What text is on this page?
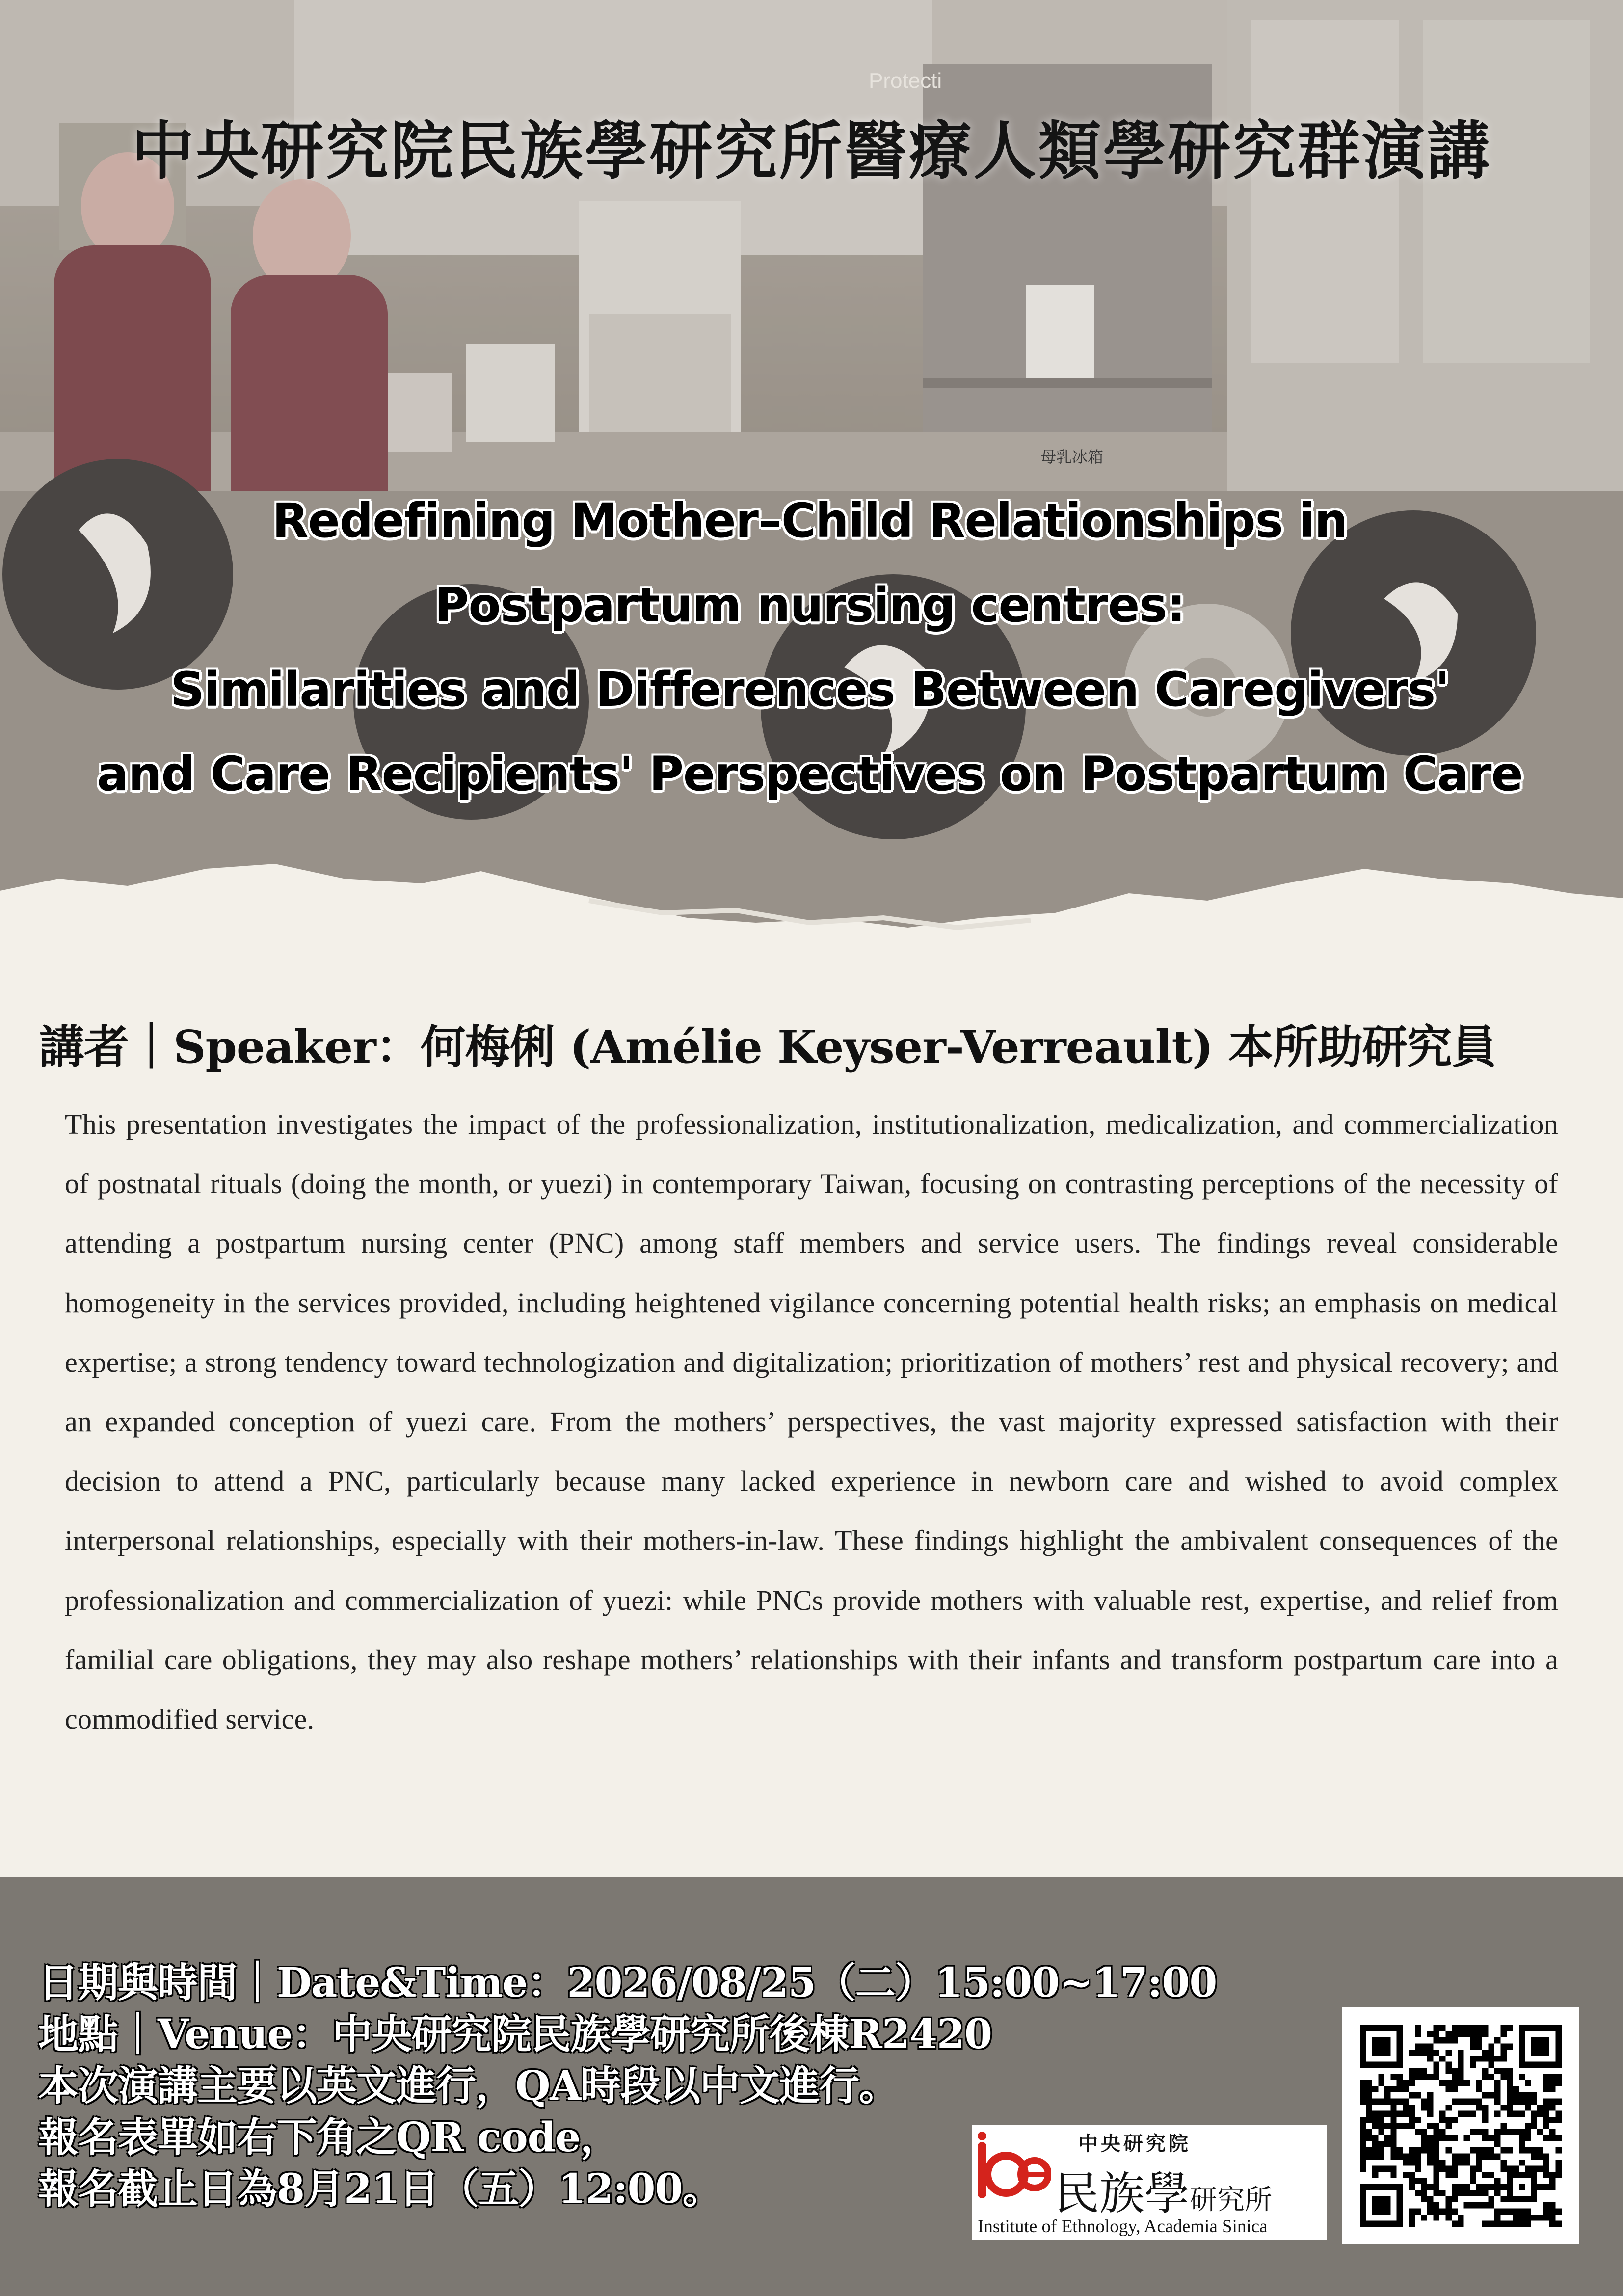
Protecti
母乳冰箱
中央研究院民族學研究所醫療人類學研究群演講
Redefining Mother–Child Relationships in
Postpartum nursing centres:
Similarities and Differences Between Caregivers'
and Care Recipients' Perspectives on Postpartum Care
講者｜Speaker：何梅俐 (Amélie Keyser-Verreault) 本所助研究員
This presentation investigates the impact of the professionalization, institutionalization, medicalization, and commercialization of postnatal rituals (doing the month, or yuezi) in contemporary Taiwan, focusing on contrasting perceptions of the necessity of attending a postpartum nursing center (PNC) among staff members and service users. The findings reveal considerable homogeneity in the services provided, including heightened vigilance concerning potential health risks; an emphasis on medical expertise; a strong tendency toward technologization and digitalization; prioritization of mothers’ rest and physical recovery; and an expanded conception of yuezi care. From the mothers’ perspectives, the vast majority expressed satisfaction with their decision to attend a PNC, particularly because many lacked experience in newborn care and wished to avoid complex interpersonal relationships, especially with their mothers-in-law. These findings highlight the ambivalent consequences of the professionalization and commercialization of yuezi: while PNCs provide mothers with valuable rest, expertise, and relief from familial care obligations, they may also reshape mothers’ relationships with their infants and transform postpartum care into a commodified service.
日期與時間｜Date&Time：2026/08/25（二）15:00~17:00
地點｜Venue：中央研究院民族學研究所後棟R2420
本次演講主要以英文進行，QA時段以中文進行。
報名表單如右下角之QR code，
報名截止日為8月21日（五）12:00。
中央研究院
民族學研究所
Institute of Ethnology, Academia Sinica
